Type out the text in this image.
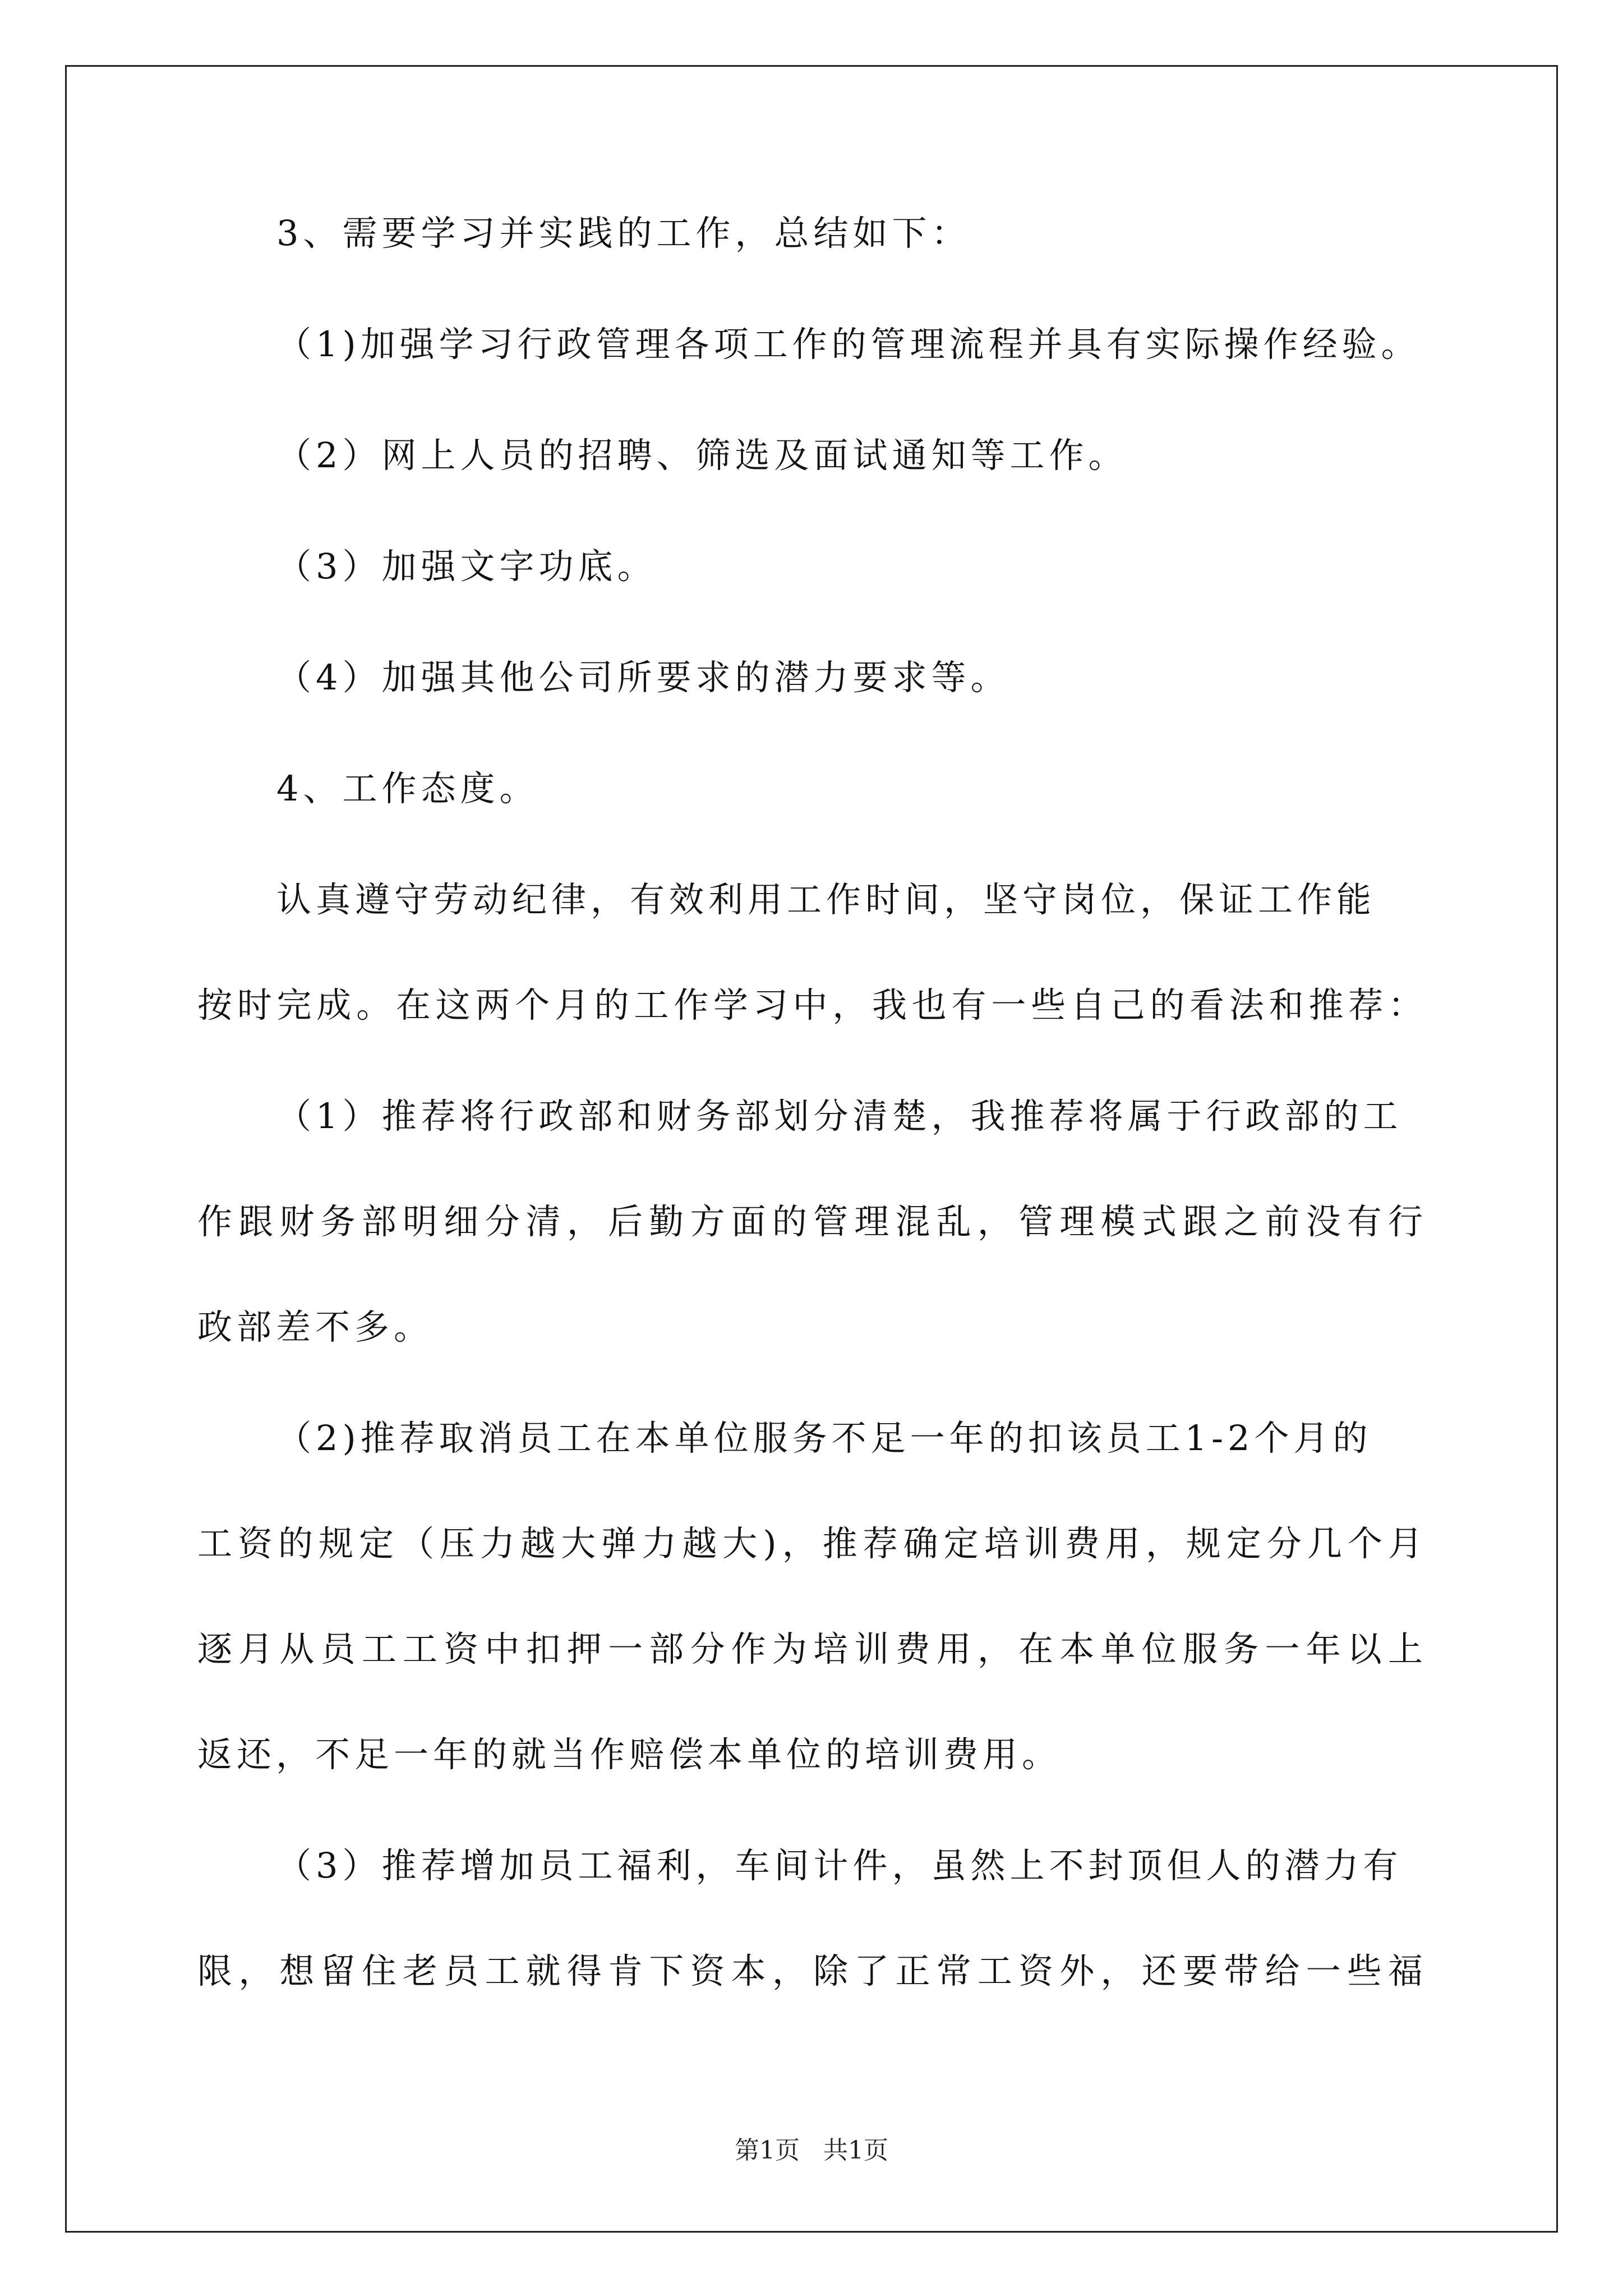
3、需要学习并实践的工作，总结如下：
（1)加强学习行政管理各项工作的管理流程并具有实际操作经验。
（2）网上人员的招聘、筛选及面试通知等工作。
（3）加强文字功底。
（4）加强其他公司所要求的潜力要求等。
4、工作态度。
认真遵守劳动纪律，有效利用工作时间，坚守岗位，保证工作能
按时完成。在这两个月的工作学习中，我也有一些自己的看法和推荐：
（1）推荐将行政部和财务部划分清楚，我推荐将属于行政部的工
作跟财务部明细分清，后勤方面的管理混乱，管理模式跟之前没有行
政部差不多。
（2)推荐取消员工在本单位服务不足一年的扣该员工1-2个月的
工资的规定（压力越大弹力越大)，推荐确定培训费用，规定分几个月
逐月从员工工资中扣押一部分作为培训费用，在本单位服务一年以上
返还，不足一年的就当作赔偿本单位的培训费用。
（3）推荐增加员工福利，车间计件，虽然上不封顶但人的潜力有
限，想留住老员工就得肯下资本，除了正常工资外，还要带给一些福
第1页   共1页
